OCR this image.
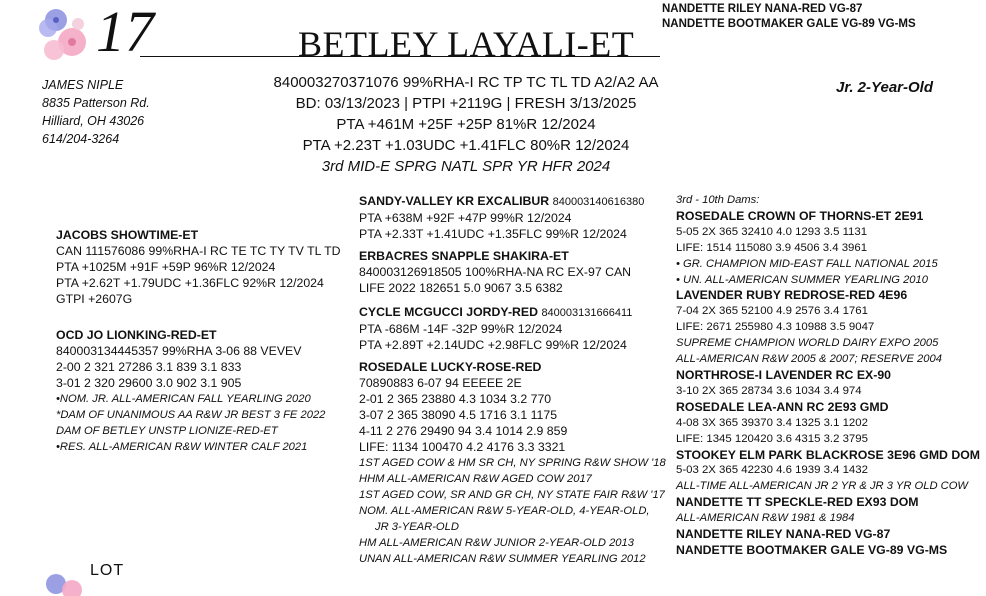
17	BETLEY LAYALI-ET
NANDETTE RILEY NANA-RED VG-87
NANDETTE BOOTMAKER GALE VG-89 VG-MS
JAMES NIPLE
8835 Patterson Rd.
Hilliard, OH 43026
614/204-3264
840003270371076 99%RHA-I RC TP TC TL TD A2/A2 AA
BD: 03/13/2023 | PTPI +2119G | FRESH 3/13/2025
PTA +461M +25F +25P 81%R 12/2024
PTA +2.23T +1.03UDC +1.41FLC 80%R 12/2024
3rd MID-E SPRG NATL SPR YR HFR 2024
Jr. 2-Year-Old
JACOBS SHOWTIME-ET
CAN 111576086 99%RHA-I RC TE TC TY TV TL TD
PTA +1025M +91F +59P 96%R 12/2024
PTA +2.62T +1.79UDC +1.36FLC 92%R 12/2024
GTPI +2607G
OCD JO LIONKING-RED-ET
840003134445357 99%RHA 3-06 88 VEVEV
2-00 2 321 27286 3.1 839 3.1 833
3-01 2 320 29600 3.0 902 3.1 905
•NOM. JR. ALL-AMERICAN FALL YEARLING 2020
*DAM OF UNANIMOUS AA R&W JR BEST 3 FE 2022
DAM OF BETLEY UNSTP LIONIZE-RED-ET
•RES. ALL-AMERICAN R&W WINTER CALF 2021
SANDY-VALLEY KR EXCALIBUR 840003140616380
PTA +638M +92F +47P 99%R 12/2024
PTA +2.33T +1.41UDC +1.35FLC 99%R 12/2024
ERBACRES SNAPPLE SHAKIRA-ET
840003126918505 100%RHA-NA RC EX-97 CAN
LIFE 2022 182651 5.0 9067 3.5 6382
CYCLE MCGUCCI JORDY-RED 840003131666411
PTA -686M -14F -32P 99%R 12/2024
PTA +2.89T +2.14UDC +2.98FLC 99%R 12/2024
ROSEDALE LUCKY-ROSE-RED
70890883 6-07 94 EEEEE 2E
2-01 2 365 23880 4.3 1034 3.2 770
3-07 2 365 38090 4.5 1716 3.1 1175
4-11 2 276 29490 94 3.4 1014 2.9 859
LIFE: 1134 100470 4.2 4176 3.3 3321
1ST AGED COW & HM SR CH, NY SPRING R&W SHOW '18
HHM ALL-AMERICAN R&W AGED COW 2017
1ST AGED COW, SR AND GR CH, NY STATE FAIR R&W '17
NOM. ALL-AMERICAN R&W 5-YEAR-OLD, 4-YEAR-OLD,
JR 3-YEAR-OLD
HM ALL-AMERICAN R&W JUNIOR 2-YEAR-OLD 2013
UNAN ALL-AMERICAN R&W SUMMER YEARLING 2012
3rd - 10th Dams:
ROSEDALE CROWN OF THORNS-ET 2E91
5-05 2X 365 32410 4.0 1293 3.5 1131
LIFE: 1514 115080 3.9 4506 3.4 3961
• GR. CHAMPION MID-EAST FALL NATIONAL 2015
• UN. ALL-AMERICAN SUMMER YEARLING 2010
LAVENDER RUBY REDROSE-RED 4E96
7-04 2X 365 52100 4.9 2576 3.4 1761
LIFE: 2671 255980 4.3 10988 3.5 9047
SUPREME CHAMPION WORLD DAIRY EXPO 2005
ALL-AMERICAN R&W 2005 & 2007; RESERVE 2004
NORTHROSE-I LAVENDER RC EX-90
3-10 2X 365 28734 3.6 1034 3.4 974
ROSEDALE LEA-ANN RC 2E93 GMD
4-08 3X 365 39370 3.4 1325 3.1 1202
LIFE: 1345 120420 3.6 4315 3.2 3795
STOOKEY ELM PARK BLACKROSE 3E96 GMD DOM
5-03 2X 365 42230 4.6 1939 3.4 1432
ALL-TIME ALL-AMERICAN JR 2 YR & JR 3 YR OLD COW
NANDETTE TT SPECKLE-RED EX93 DOM
ALL-AMERICAN R&W 1981 & 1984
NANDETTE RILEY NANA-RED VG-87
NANDETTE BOOTMAKER GALE VG-89 VG-MS
LOT
